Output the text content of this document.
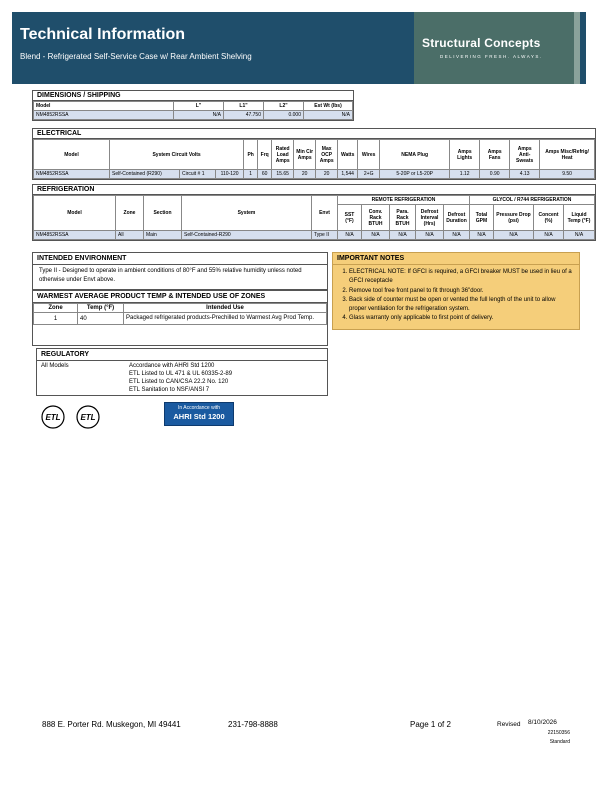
Technical Information
Blend - Refrigerated Self-Service Case w/ Rear Ambient Shelving
Structural Concepts
DELIVERING FRESH. ALWAYS.
DIMENSIONS / SHIPPING
Model	L"	L1"	L2"	Est Wt (lbs)
NM4852RSSA	N/A	47.750	0.000	N/A
ELECTRICAL
Model	System Circuit Volts			Ph	Frq	Rated Load Amps	Min Cir Amps	Max OCP Amps	Watts	Wires	NEMA Plug	Amps Lights	Amps Fans	Amps Anti-Sweats	Amps Misc/Refrig/ Heat
NM4852RSSA	Self-Contained (R290)	Circuit # 1	110-120	1	60	15.65	20	20	1,544	2+G	5-20P or L5-20P	1.12	0.90	4.13	9.50
REFRIGERATION
Model	Zone	Section	System	Envt	REMOTE REFRIGERATION					GLYCOL / R744 REFRIGERATION			
					SST (°F)	Conv. Rack BTUH	Para. Rack BTUH	Defrost Interval (Hrs)	Defrost Duration	Total GPM	Pressure Drop (psi)	Concent (%)	Liquid Temp (°F)
NM4852RSSA	All	Main	Self-Contained-R290	Type II	N/A	N/A	N/A	N/A	N/A	N/A	N/A	N/A	N/A
INTENDED ENVIRONMENT
Type II - Designed to operate in ambient conditions of 80°F and 55% relative humidity unless noted otherwise under Envt above.
WARMEST AVERAGE PRODUCT TEMP & INTENDED USE OF ZONES
Zone	Temp (°F)	Intended Use
1	40	Packaged refrigerated products-Prechilled to Warmest Avg Prod Temp.
IMPORTANT NOTES
1. ELECTRICAL NOTE: If GFCI is required, a GFCI breaker MUST be used in lieu of a GFCI receptacle
2. Remove tool free front panel to fit through 36"door.
3. Back side of counter must be open or vented the full length of the unit to allow proper ventilation for the refrigeration system.
4. Glass warranty only applicable to first point of delivery.
REGULATORY
All Models	Accordance with AHRI Std 1200
ETL Listed to UL 471 & UL 60335-2-89
ETL Listed to CAN/CSA 22.2 No. 120
ETL Sanitation to NSF/ANSI 7
ETL ETL
In Accordance with
AHRI Std 1200
888 E. Porter Rd. Muskegon, MI 49441	231-798-8888	Page 1 of 2	Revised 8/10/2026
22150356
Standard
